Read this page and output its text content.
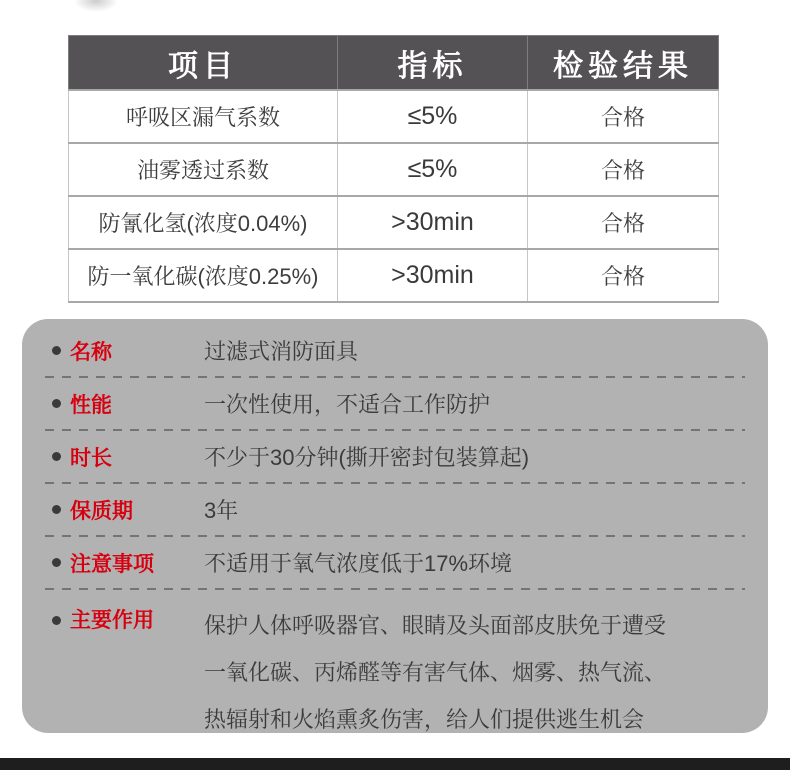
项目	指标	检验结果
呼吸区漏气系数	≤5%	合格
油雾透过系数	≤5%	合格
防氰化氢(浓度0.04%)	>30min	合格
防一氧化碳(浓度0.25%)	>30min	合格
名称	过滤式消防面具
性能	一次性使用，不适合工作防护
时长	不少于30分钟(撕开密封包装算起)
保质期	3年
注意事项	不适用于氧气浓度低于17%环境
主要作用	保护人体呼吸器官、眼睛及头面部皮肤免于遭受
一氧化碳、丙烯醛等有害气体、烟雾、热气流、
热辐射和火焰熏炙伤害，给人们提供逃生机会
